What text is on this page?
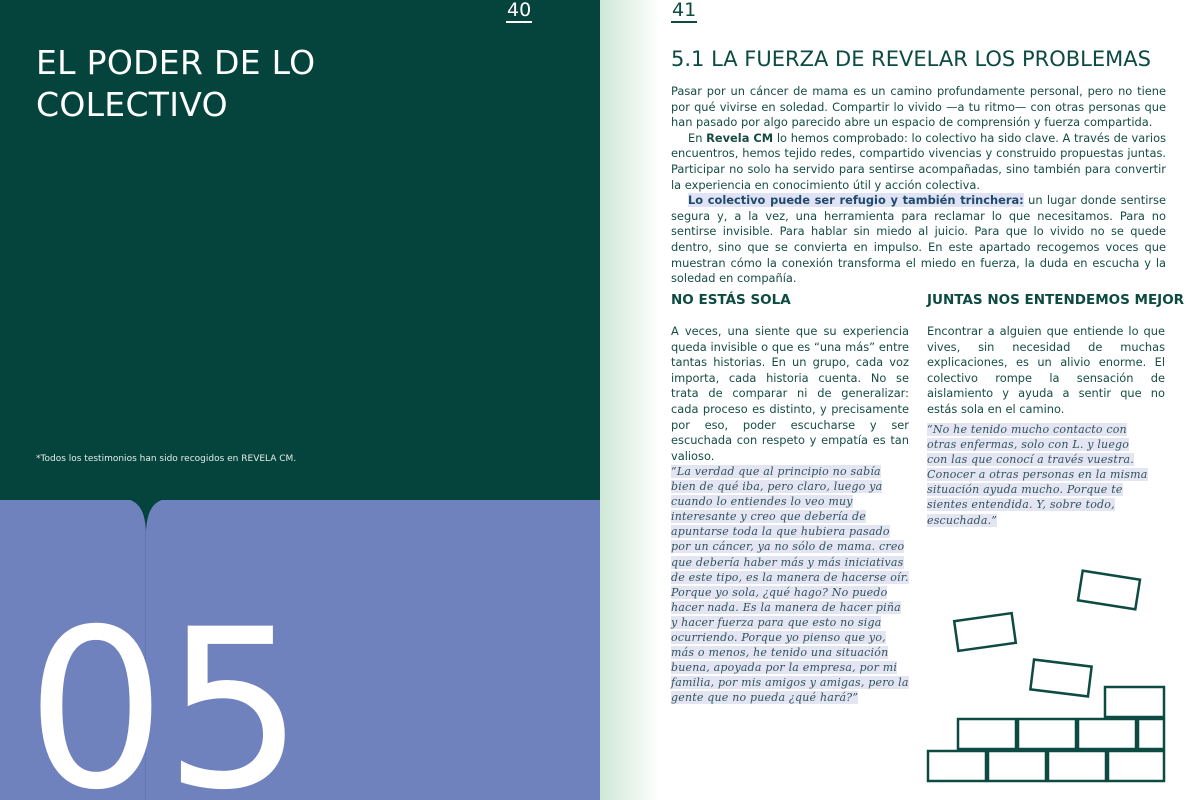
40
EL PODER DE LO COLECTIVO
*Todos los testimonios han sido recogidos en REVELA CM.
05
41
5.1 LA FUERZA DE REVELAR LOS PROBLEMAS

Pasar por un cáncer de mama es un camino profundamente personal, pero no tiene por qué vivirse en soledad. Compartir lo vivido —a tu ritmo— con otras personas que han pasado por algo parecido abre un espacio de comprensión y fuerza compartida.

En Revela CM lo hemos comprobado: lo colectivo ha sido clave. A través de varios encuentros, hemos tejido redes, compartido vivencias y construido propuestas juntas. Participar no solo ha servido para sentirse acompañadas, sino también para convertir la experiencia en conocimiento útil y acción colectiva.

Lo colectivo puede ser refugio y también trinchera: un lugar donde sentirse segura y, a la vez, una herramienta para reclamar lo que necesitamos. Para no sentirse invisible. Para hablar sin miedo al juicio. Para que lo vivido no se quede dentro, sino que se convierta en impulso. En este apartado recogemos voces que muestran cómo la conexión transforma el miedo en fuerza, la duda en escucha y la soledad en compañía.

NO ESTÁS SOLA

A veces, una siente que su experiencia queda invisible o que es “una más” entre tantas historias. En un grupo, cada voz importa, cada historia cuenta. No se trata de comparar ni de generalizar: cada proceso es distinto, y precisamente por eso, poder escucharse y ser escuchada con respeto y empatía es tan valioso.

“La verdad que al principio no sabía bien de qué iba, pero claro, luego ya cuando lo entiendes lo veo muy interesante y creo que debería de apuntarse toda la que hubiera pasado por un cáncer, ya no sólo de mama. creo que debería haber más y más iniciativas de este tipo, es la manera de hacerse oír. Porque yo sola, ¿qué hago? No puedo hacer nada. Es la manera de hacer piña y hacer fuerza para que esto no siga ocurriendo. Porque yo pienso que yo, más o menos, he tenido una situación buena, apoyada por la empresa, por mi familia, por mis amigos y amigas, pero la gente que no pueda ¿qué hará?”
JUNTAS NOS ENTENDEMOS MEJOR

Encontrar a alguien que entiende lo que vives, sin necesidad de muchas explicaciones, es un alivio enorme. El colectivo rompe la sensación de aislamiento y ayuda a sentir que no estás sola en el camino.

“No he tenido mucho contacto con otras enfermas, solo con L. y luego con las que conocí a través vuestra. Conocer a otras personas en la misma situación ayuda mucho. Porque te sientes entendida. Y, sobre todo, escuchada.”
